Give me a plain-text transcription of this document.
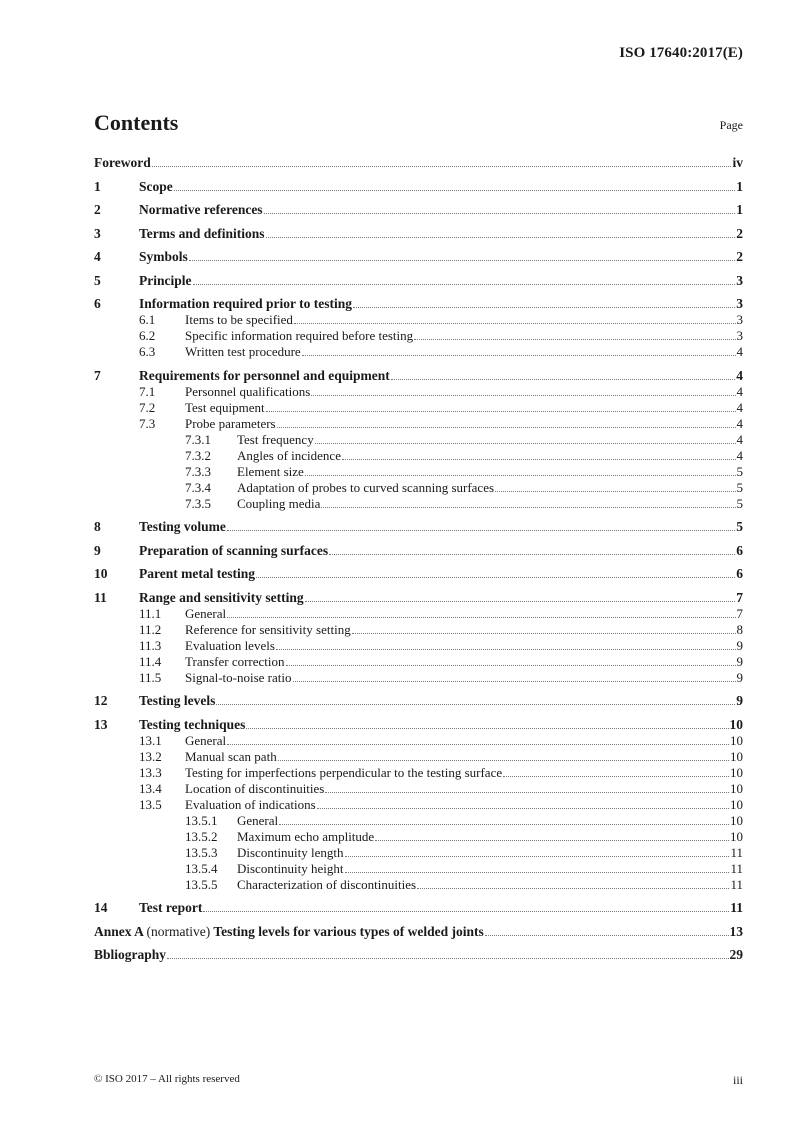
ISO 17640:2017(E)
Contents	Page
Foreword	iv
1	Scope	1
2	Normative references	1
3	Terms and definitions	2
4	Symbols	2
5	Principle	3
6	Information required prior to testing	3
6.1	Items to be specified	3
6.2	Specific information required before testing	3
6.3	Written test procedure	4
7	Requirements for personnel and equipment	4
7.1	Personnel qualifications	4
7.2	Test equipment	4
7.3	Probe parameters	4
7.3.1	Test frequency	4
7.3.2	Angles of incidence	4
7.3.3	Element size	5
7.3.4	Adaptation of probes to curved scanning surfaces	5
7.3.5	Coupling media	5
8	Testing volume	5
9	Preparation of scanning surfaces	6
10	Parent metal testing	6
11	Range and sensitivity setting	7
11.1	General	7
11.2	Reference for sensitivity setting	8
11.3	Evaluation levels	9
11.4	Transfer correction	9
11.5	Signal-to-noise ratio	9
12	Testing levels	9
13	Testing techniques	10
13.1	General	10
13.2	Manual scan path	10
13.3	Testing for imperfections perpendicular to the testing surface	10
13.4	Location of discontinuities	10
13.5	Evaluation of indications	10
13.5.1	General	10
13.5.2	Maximum echo amplitude	10
13.5.3	Discontinuity length	11
13.5.4	Discontinuity height	11
13.5.5	Characterization of discontinuities	11
14	Test report	11
Annex A (normative) Testing levels for various types of welded joints	13
Bbliography	29
© ISO 2017 – All rights reserved	iii
